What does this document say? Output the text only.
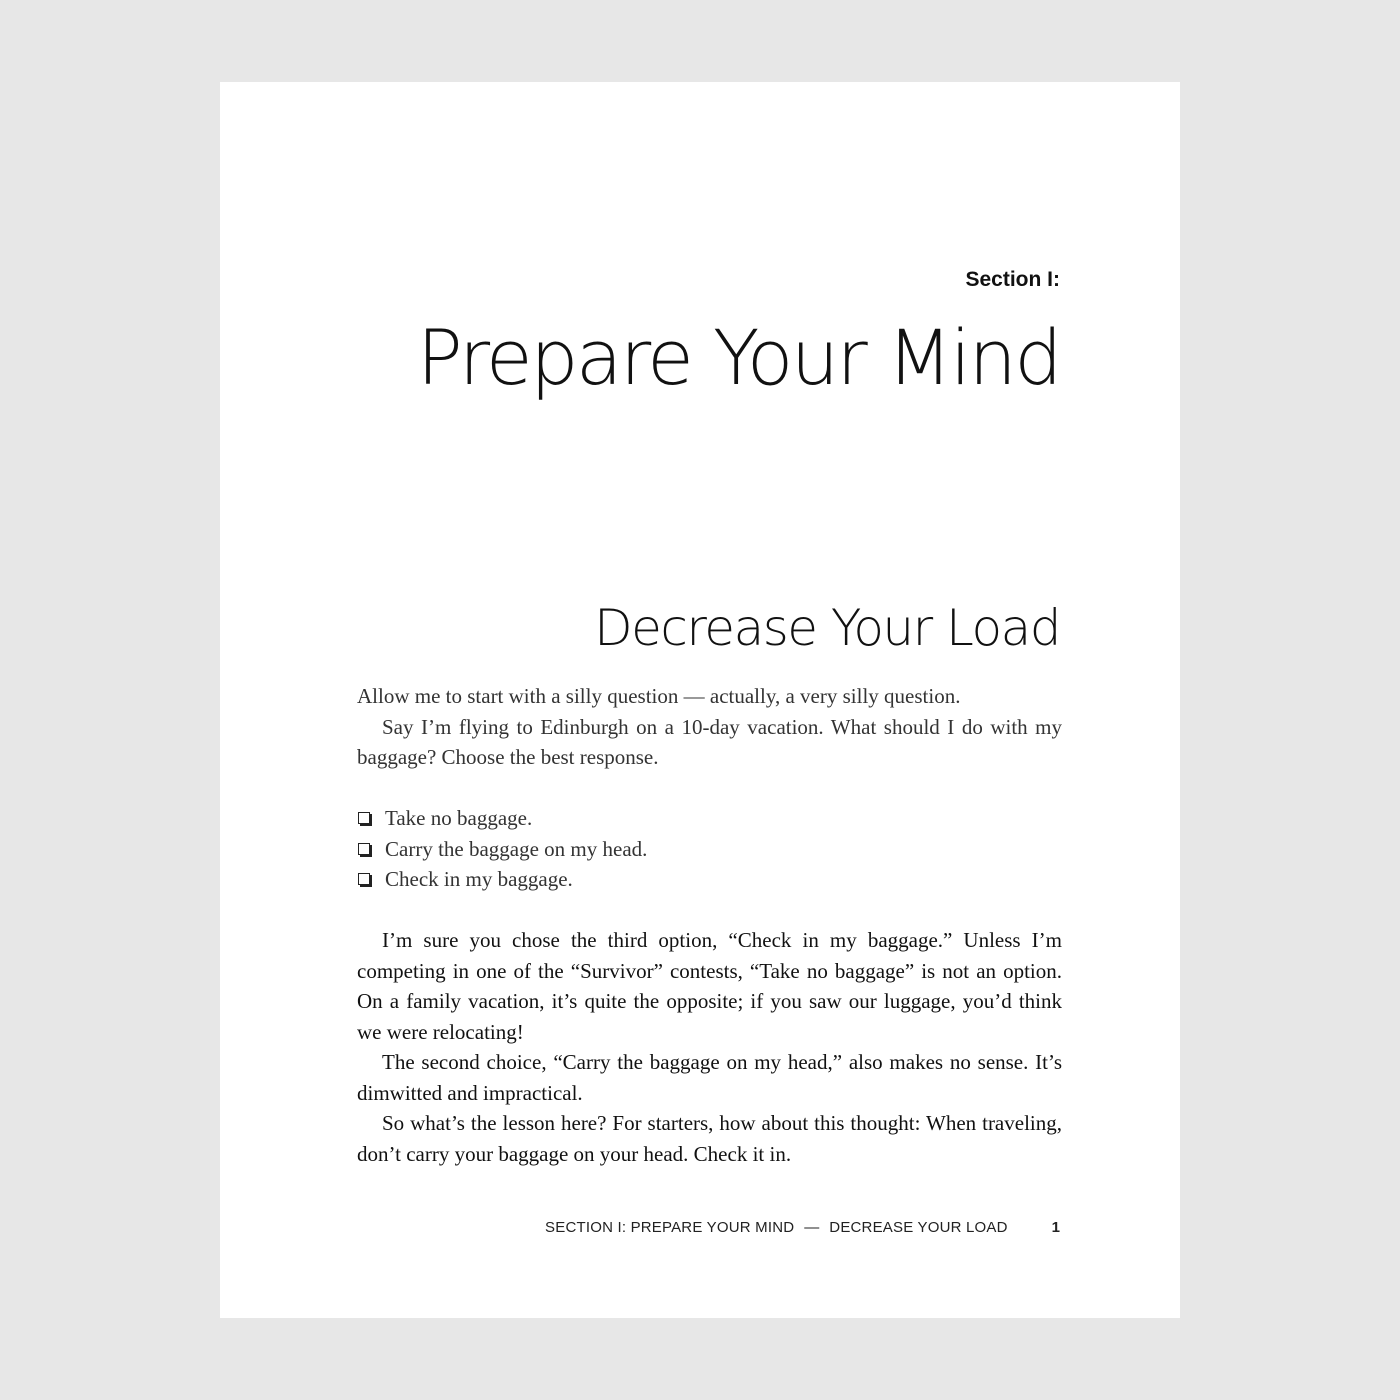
Section I:
Prepare Your Mind
Decrease Your Load

Allow me to start with a silly question — actually, a very silly question.

Say I’m flying to Edinburgh on a 10-day vacation. What should I do with my baggage? Choose the best response.

Take no baggage.
Carry the baggage on my head.
Check in my baggage.

I’m sure you chose the third option, “Check in my baggage.” Unless I’m competing in one of the “Survivor” contests, “Take no baggage” is not an option. On a family vacation, it’s quite the opposite; if you saw our luggage, you’d think we were relocating!

The second choice, “Carry the baggage on my head,” also makes no sense. It’s dimwitted and impractical.

So what’s the lesson here? For starters, how about this thought: When traveling, don’t carry your baggage on your head. Check it in.

SECTION I: PREPARE YOUR MIND — DECREASE YOUR LOAD	1
